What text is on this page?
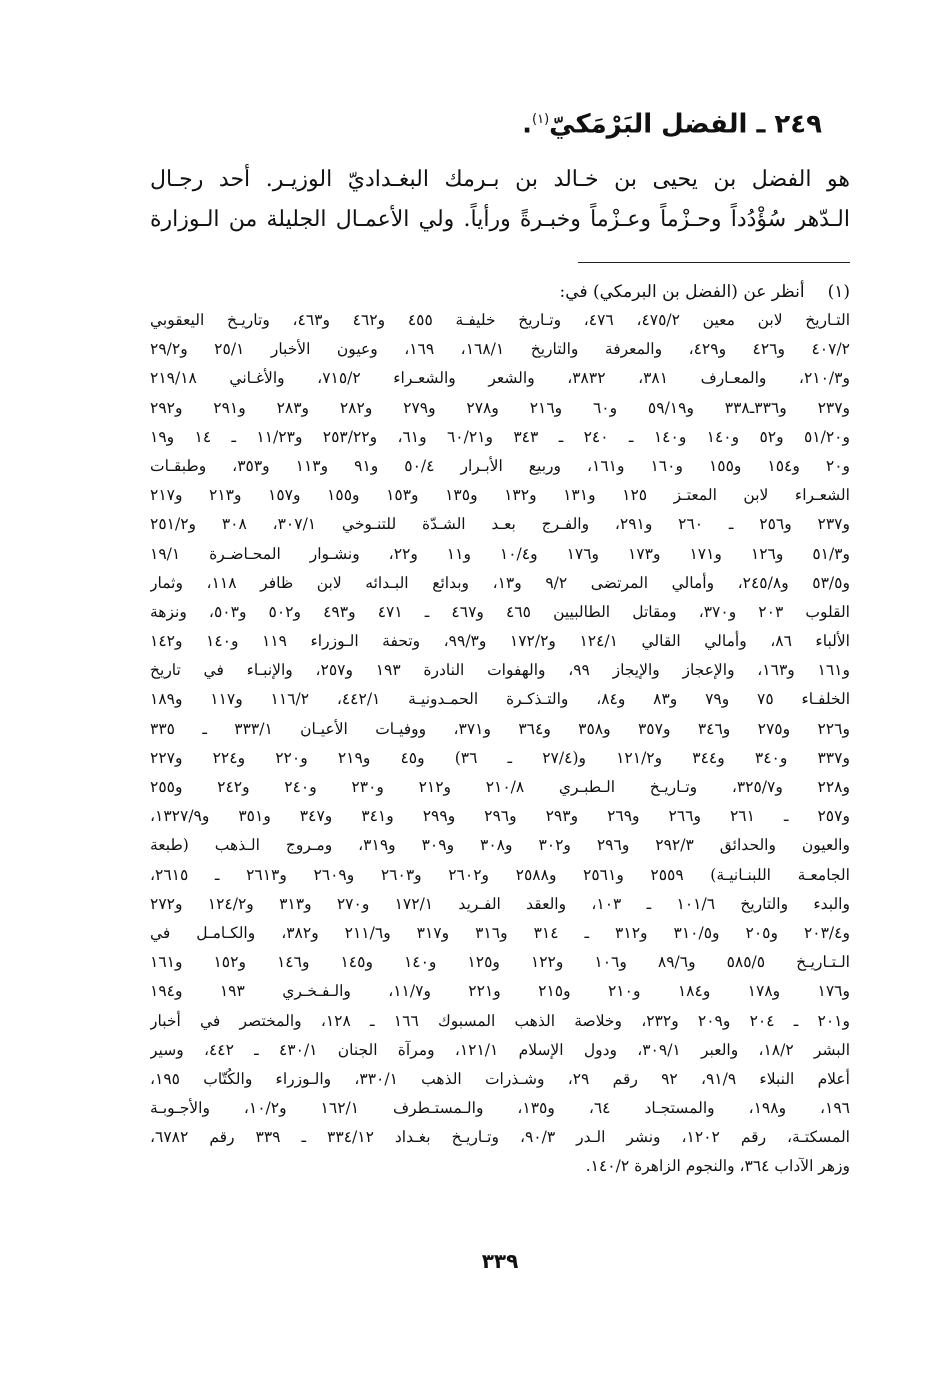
٢٤٩ ـ الفضل البَرْمَكيّ$^{(١)}$.
هو الفضل بن يحيى بن خـالد بن بـرمك البغـداديّ الوزيـر. أحد رجـال
الـدّهر سُؤْدُداً وحـزْماً وعـزْماً وخبـرةً ورأياً. ولي الأعمـال الجليلة من الـوزارة
(١) أنظر عن (الفضل بن البرمكي) في:
التـاريخ لابن معين ٤٧٥/٢، ٤٧٦، وتـاريخ خليفـة ٤٥٥ و٤٦٢ و٤٦٣، وتاريـخ اليعقوبي
٤٠٧/٢ و٤٢٦ و٤٢٩، والمعرفة والتاريخ ١٦٨/١، ١٦٩، وعيون الأخبار ٢٥/١ و٢٩/٢
و٢١٠/٣، والمعـارف ٣٨١، ٣٨٣٢، والشعر والشعـراء ٧١٥/٢، والأغـاني ٢١٩/١٨
و٢٣٧ و٣٣٦ـ٣٣٨ و٥٩/١٩ و٦٠ و٢١٦ و٢٧٨ و٢٧٩ و٢٨٢ و٢٨٣ و٢٩١ و٢٩٢
و٥١/٢٠ و٥٢ و١٤٠ و١٤٠ ـ ٢٤٠ ـ ٣٤٣ و٦٠/٢١ و٦١، و٢٥٣/٢٢ و١١/٢٣ ـ ١٤ و١٩
و٢٠ و١٥٤ و١٥٥ و١٦٠ و١٦١، وربيع الأبـرار ٥٠/٤ و٩١ و١١٣ و٣٥٣، وطبقـات
الشعـراء لابن المعتـز ١٢٥ و١٣١ و١٣٢ و١٣٥ و١٥٣ و١٥٥ و١٥٧ و٢١٣ و٢١٧
و٢٣٧ و٢٥٦ ـ ٢٦٠ و٢٩١، والفـرج بعـد الشـدّة للتنـوخي ٣٠٧/١، ٣٠٨ و٢٥١/٢
و٥١/٣ و١٢٦ و١٧١ و١٧٣ و١٧٦ و١٠/٤ و١١ و٢٢، ونشـوار المحـاضـرة ١٩/١
و٥٣/٥ و٢٤٥/٨، وأمالي المرتضى ٩/٢ و١٣، وبدائع البـدائه لابن ظافر ١١٨، وثمار
القلوب ٢٠٣ و٣٧٠، ومقاتل الطالبيين ٤٦٥ و٤٦٧ ـ ٤٧١ و٤٩٣ و٥٠٢ و٥٠٣، ونزهة
الألباء ٨٦، وأمالي القالي ١٢٤/١ و١٧٢/٢ و٩٩/٣، وتحفة الـوزراء ١١٩ و١٤٠ و١٤٢
و١٦١ و١٦٣، والإعجاز والإيجاز ٩٩، والهفوات النادرة ١٩٣ و٢٥٧، والإنبـاء في تاريخ
الخلفـاء ٧٥ و٧٩ و٨٣ و٨٤، والتـذكـرة الحمـدونيـة ٤٤٢/١، ١١٦/٢ و١١٧ و١٨٩
و٢٢٦ و٢٧٥ و٣٤٦ و٣٥٧ و٣٥٨ و٣٦٤ و٣٧١، ووفيـات الأعيـان ٣٣٣/١ ـ ٣٣٥
و٣٣٧ و٣٤٠ و٣٤٤ و١٢١/٢ و(٢٧/٤ ـ ٣٦) و٤٥ و٢١٩ و٢٢٠ و٢٢٤ و٢٢٧
و٢٢٨ و٣٢٥/٧، وتـاريـخ الـطبـري ٢١٠/٨ و٢١٢ و٢٣٠ و٢٤٠ و٢٤٢ و٢٥٥
و٢٥٧ ـ ٢٦١ و٢٦٦ و٢٦٩ و٢٩٣ و٢٩٦ و٢٩٩ و٣٤١ و٣٤٧ و٣٥١ و١٣٢٧/٩،
والعيون والحدائق ٢٩٢/٣ و٢٩٦ و٣٠٢ و٣٠٨ و٣٠٩ و٣١٩، ومـروج الـذهب (طبعة
الجامعـة اللبنـانيـة) ٢٥٥٩ و٢٥٦١ و٢٥٨٨ و٢٦٠٢ و٢٦٠٣ و٢٦٠٩ و٢٦١٣ ـ ٢٦١٥،
والبدء والتاريخ ١٠١/٦ ـ ١٠٣، والعقد الفـريد ١٧٢/١ و٢٧٠ و٣١٣ و١٢٤/٢ و٢٧٢
و٢٠٣/٤ و٢٠٥ و٣١٠/٥ و٣١٢ ـ ٣١٤ و٣١٦ و٣١٧ و٢١١/٦ و٣٨٢، والكـامـل في
الـتـاريـخ ٥٨٥/٥ و٨٩/٦ و١٠٦ و١٢٢ و١٢٥ و١٤٠ و١٤٥ و١٤٦ و١٥٢ و١٦١
و١٧٦ و١٧٨ و١٨٤ و٢١٠ و٢١٥ و٢٢١ و١١/٧، والـفـخـري ١٩٣ و١٩٤
و٢٠١ ـ ٢٠٤ و٢٠٩ و٢٣٢، وخلاصة الذهب المسبوك ١٦٦ ـ ١٢٨، والمختصر في أخبار
البشر ١٨/٢، والعبر ٣٠٩/١، ودول الإسلام ١٢١/١، ومرآة الجنان ٤٣٠/١ ـ ٤٤٢، وسير
أعلام النبلاء ٩١/٩، ٩٢ رقم ٢٩، وشـذرات الذهب ٣٣٠/١، والـوزراء والكُتّاب ١٩٥،
١٩٦، و١٩٨، والمستجـاد ٦٤، و١٣٥، والـمستـطرف ١٦٢/١ و١٠/٢، والأجـوبـة
المسكتـة، رقم ١٢٠٢، ونشر الـدر ٩٠/٣، وتـاريـخ بغـداد ٣٣٤/١٢ ـ ٣٣٩ رقم ٦٧٨٢،
وزهر الآداب ٣٦٤، والنجوم الزاهرة ١٤٠/٢.
٣٣٩
